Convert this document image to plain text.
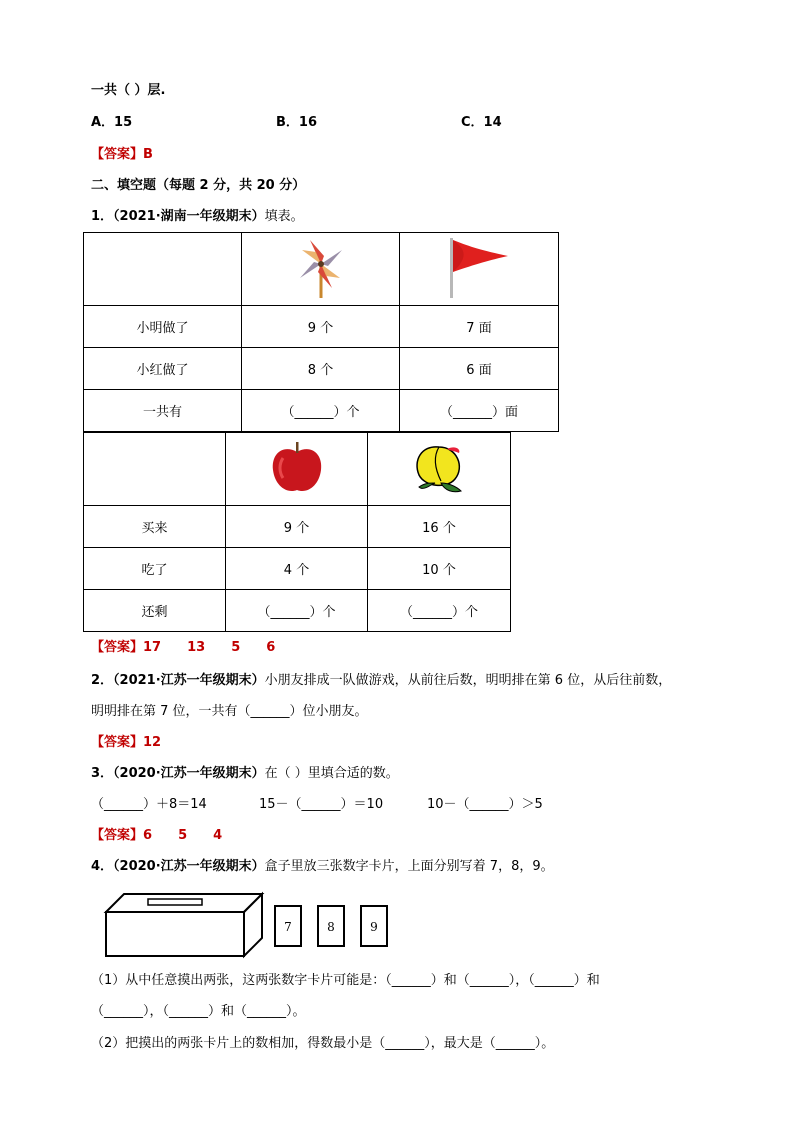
一共（ ）层.
A．15	B．16	C．14
【答案】B
二、填空题（每题 2 分，共 20 分）
1．（2021·湖南一年级期末）填表。

小明做了	9 个	7 面
小红做了	8 个	6 面
一共有	（______）个	（______）面

买来	9 个	16 个
吃了	4 个	10 个
还剩	（______）个	（______）个
【答案】17 13 5 6
2．（2021·江苏一年级期末）小朋友排成一队做游戏，从前往后数，明明排在第 6 位，从后往前数，
明明排在第 7 位，一共有（______）位小朋友。
【答案】12
3．（2020·江苏一年级期末）在（ ）里填合适的数。
（______）＋8＝14	15－（______）＝10	10－（______）＞5
【答案】6 5 4
4．（2020·江苏一年级期末）盒子里放三张数字卡片，上面分别写着 7，8，9。
7	8	9
（1）从中任意摸出两张，这两张数字卡片可能是：（______）和（______），（______）和
（______），（______）和（______）。
（2）把摸出的两张卡片上的数相加，得数最小是（______），最大是（______）。
